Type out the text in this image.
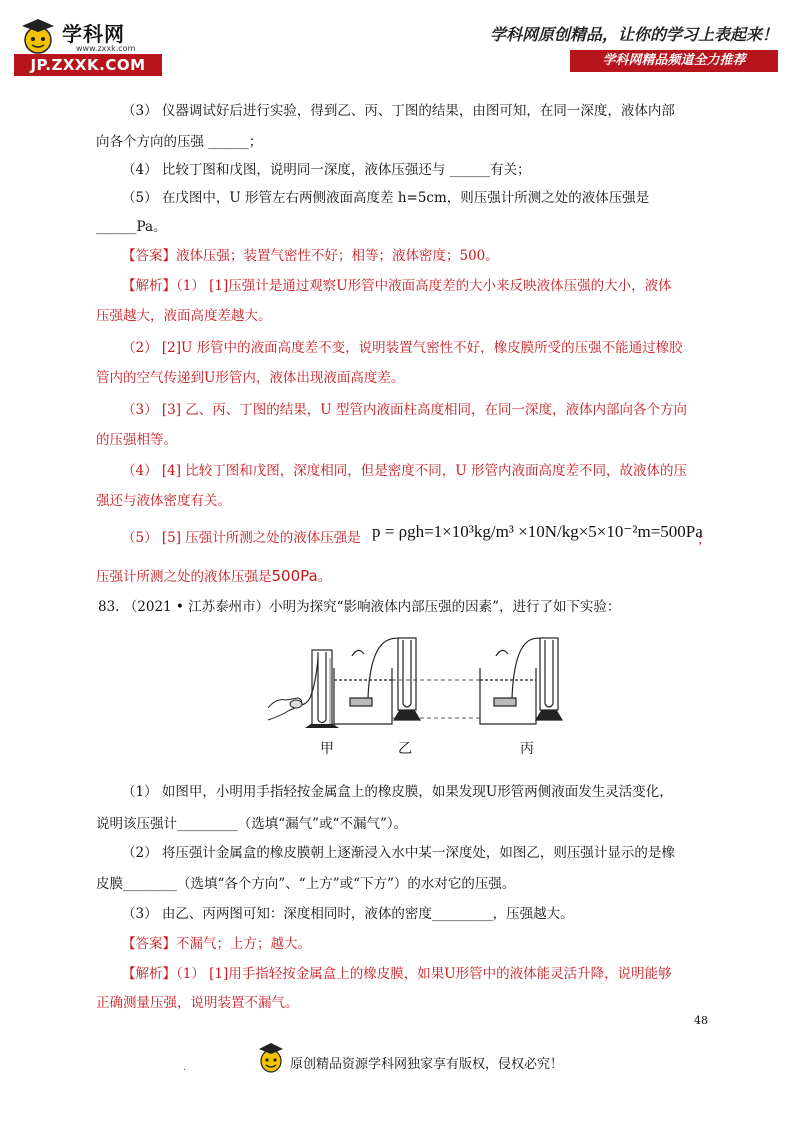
学科网
www.zxxk.com
JP.ZXXK.COM
学科网原创精品，让你的学习上表起来！
学科网精品频道全力推荐
（3） 仪器调试好后进行实验，得到乙、丙、丁图的结果，由图可知，在同一深度，液体内部
向各个方向的压强 ______；
（4） 比较丁图和戊图，说明同一深度，液体压强还与 ______有关；
（5） 在戊图中，U 形管左右两侧液面高度差 h=5cm，则压强计所测之处的液体压强是
______Pa。
【答案】液体压强；装置气密性不好；相等；液体密度；500。
【解析】（1） [1]压强计是通过观察U形管中液面高度差的大小来反映液体压强的大小，液体
压强越大，液面高度差越大。
（2） [2]U 形管中的液面高度差不变，说明装置气密性不好，橡皮膜所受的压强不能通过橡胶
管内的空气传递到U形管内，液体出现液面高度差。
（3） [3] 乙、丙、丁图的结果，U 型管内液面柱高度相同，在同一深度，液体内部向各个方向
的压强相等。
（4） [4] 比较丁图和戊图，深度相同，但是密度不同，U 形管内液面高度差不同，故液体的压
强还与液体密度有关。
（5） [5] 压强计所测之处的液体压强是 p = ρgh=1×10³kg/m³ ×10N/kg×5×10⁻²m=500Pa
；
压强计所测之处的液体压强是500Pa。
83. （2021 • 江苏泰州市）小明为探究“影响液体内部压强的因素”，进行了如下实验：
甲	乙	丙
（1） 如图甲，小明用手指轻按金属盒上的橡皮膜，如果发现U形管两侧液面发生灵活变化，
说明该压强计_________（选填“漏气”或“不漏气”）。
（2） 将压强计金属盒的橡皮膜朝上逐渐浸入水中某一深度处，如图乙，则压强计显示的是橡
皮膜________（选填“各个方向”、“上方”或“下方”）的水对它的压强。
（3） 由乙、丙两图可知：深度相同时，液体的密度_________，压强越大。
【答案】不漏气；上方；越大。
【解析】（1） [1]用手指轻按金属盒上的橡皮膜，如果U形管中的液体能灵活升降，说明能够
正确测量压强，说明装置不漏气。
48
.	原创精品资源学科网独家享有版权，侵权必究！
